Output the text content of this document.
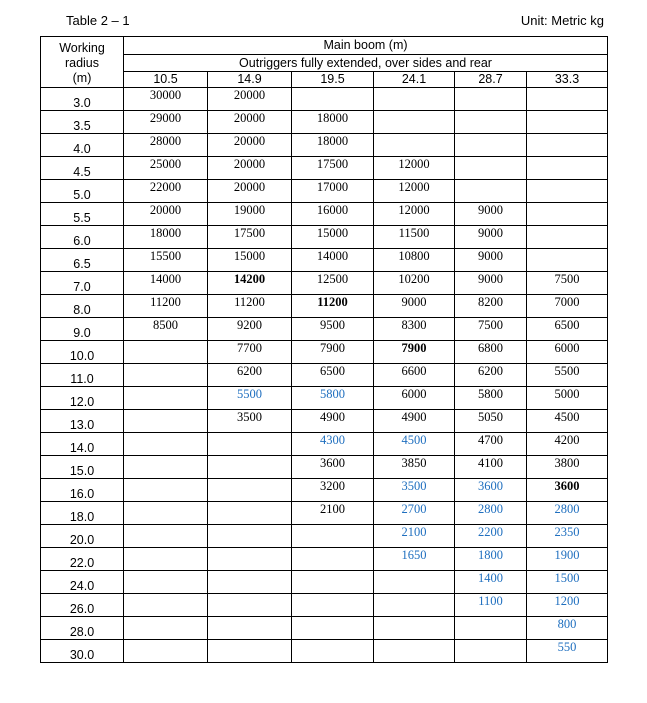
Table 2 – 1	Unit: Metric kg
Working
radius
(m)	Main boom (m)					
	Outriggers fully extended, over sides and rear					
	10.5	14.9	19.5	24.1	28.7	33.3
3.0	30000	20000				
3.5	29000	20000	18000			
4.0	28000	20000	18000			
4.5	25000	20000	17500	12000		
5.0	22000	20000	17000	12000		
5.5	20000	19000	16000	12000	9000	
6.0	18000	17500	15000	11500	9000	
6.5	15500	15000	14000	10800	9000	
7.0	14000	14200	12500	10200	9000	7500
8.0	11200	11200	11200	9000	8200	7000
9.0	8500	9200	9500	8300	7500	6500
10.0		7700	7900	7900	6800	6000
11.0		6200	6500	6600	6200	5500
12.0		5500	5800	6000	5800	5000
13.0		3500	4900	4900	5050	4500
14.0			4300	4500	4700	4200
15.0			3600	3850	4100	3800
16.0			3200	3500	3600	3600
18.0			2100	2700	2800	2800
20.0				2100	2200	2350
22.0				1650	1800	1900
24.0					1400	1500
26.0					1100	1200
28.0						800
30.0						550
